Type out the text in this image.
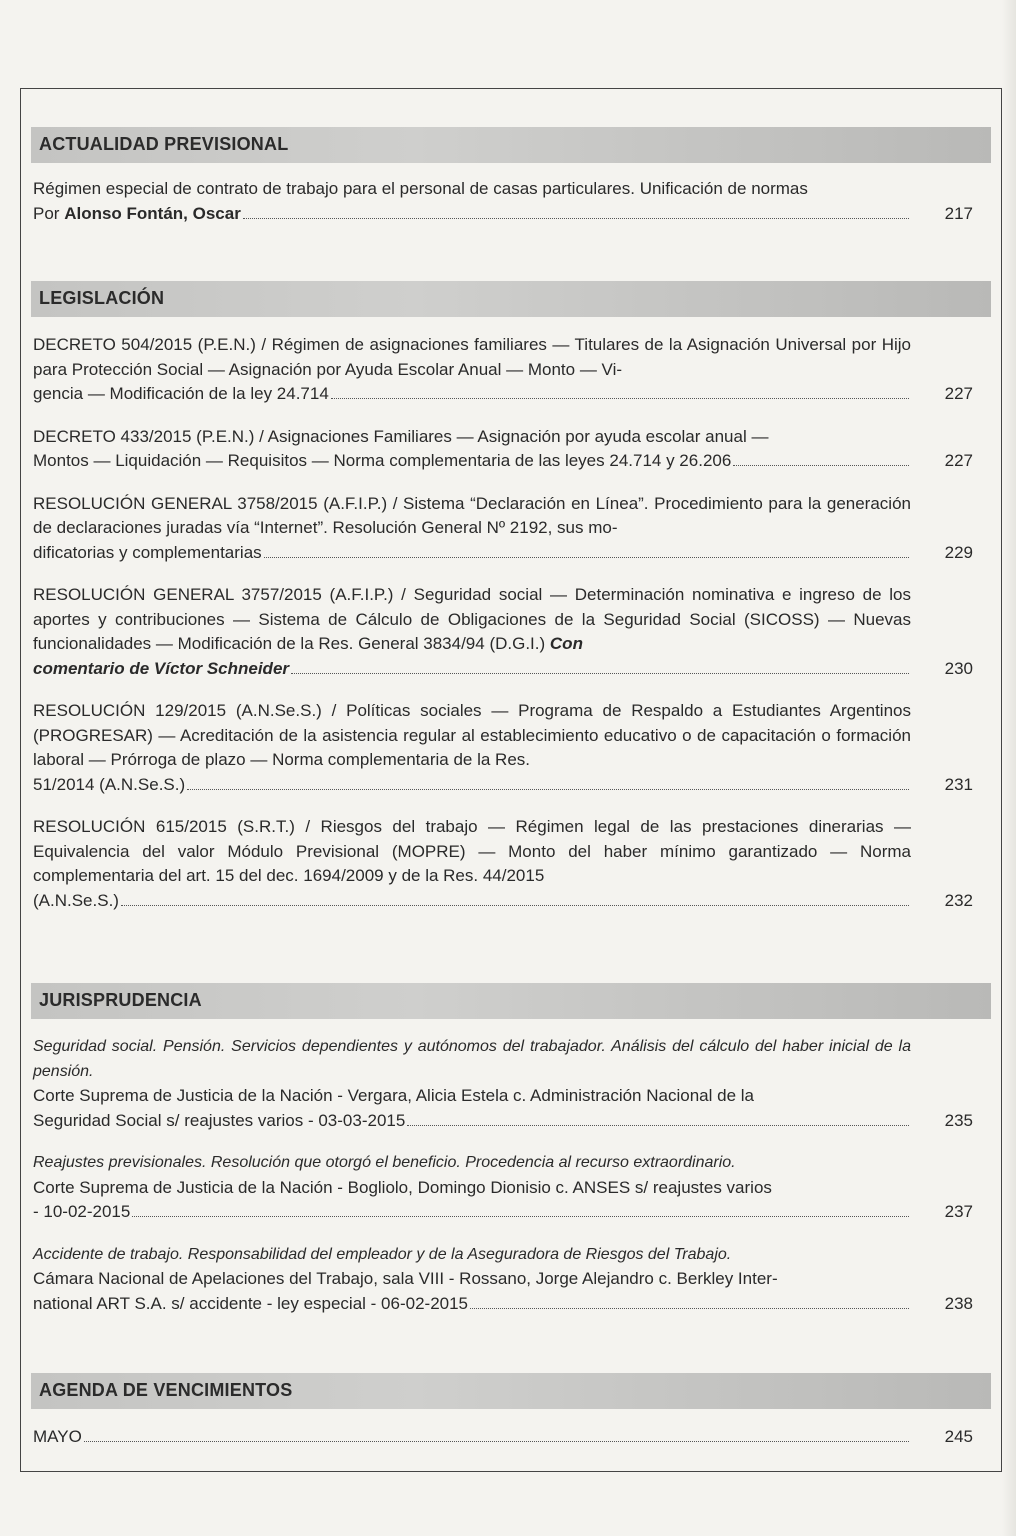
ACTUALIDAD PREVISIONAL
Régimen especial de contrato de trabajo para el personal de casas particulares. Unificación de normas
Por
Alonso Fontán, Oscar	217
LEGISLACIÓN
DECRETO 504/2015 (P.E.N.) / Régimen de asignaciones familiares — Titulares de la Asignación Universal por Hijo para Protección Social — Asignación por Ayuda Escolar Anual — Monto — Vi-
gencia — Modificación de la ley 24.714	227
DECRETO 433/2015 (P.E.N.) / Asignaciones Familiares — Asignación por ayuda escolar anual —
Montos — Liquidación — Requisitos — Norma complementaria de las leyes 24.714 y 26.206	227
RESOLUCIÓN GENERAL 3758/2015 (A.F.I.P.) / Sistema “Declaración en Línea”. Procedimiento para la generación de declaraciones juradas vía “Internet”. Resolución General Nº 2192, sus mo-
dificatorias y complementarias	229
RESOLUCIÓN GENERAL 3757/2015 (A.F.I.P.) / Seguridad social — Determinación nominativa e ingreso de los aportes y contribuciones — Sistema de Cálculo de Obligaciones de la Seguridad Social (SICOSS) — Nuevas funcionalidades — Modificación de la Res. General 3834/94 (D.G.I.) Con
comentario de Víctor Schneider	230
RESOLUCIÓN 129/2015 (A.N.Se.S.) / Políticas sociales — Programa de Respaldo a Estudiantes Argentinos (PROGRESAR) — Acreditación de la asistencia regular al establecimiento educativo o de capacitación o formación laboral — Prórroga de plazo — Norma complementaria de la Res.
51/2014 (A.N.Se.S.)	231
RESOLUCIÓN 615/2015 (S.R.T.) / Riesgos del trabajo — Régimen legal de las prestaciones dinerarias — Equivalencia del valor Módulo Previsional (MOPRE) — Monto del haber mínimo garantizado — Norma complementaria del art. 15 del dec. 1694/2009 y de la Res. 44/2015
(A.N.Se.S.)	232
JURISPRUDENCIA
Seguridad social. Pensión. Servicios dependientes y autónomos del trabajador. Análisis del cálculo del haber inicial de la pensión.
Corte Suprema de Justicia de la Nación - Vergara, Alicia Estela c. Administración Nacional de la
Seguridad Social s/ reajustes varios - 03-03-2015	235
Reajustes previsionales. Resolución que otorgó el beneficio. Procedencia al recurso extraordinario.
Corte Suprema de Justicia de la Nación - Bogliolo, Domingo Dionisio c. ANSES s/ reajustes varios
- 10-02-2015	237
Accidente de trabajo. Responsabilidad del empleador y de la Aseguradora de Riesgos del Trabajo.
Cámara Nacional de Apelaciones del Trabajo, sala VIII - Rossano, Jorge Alejandro c. Berkley Inter-
national ART S.A. s/ accidente - ley especial - 06-02-2015	238
AGENDA DE VENCIMIENTOS
MAYO	245
